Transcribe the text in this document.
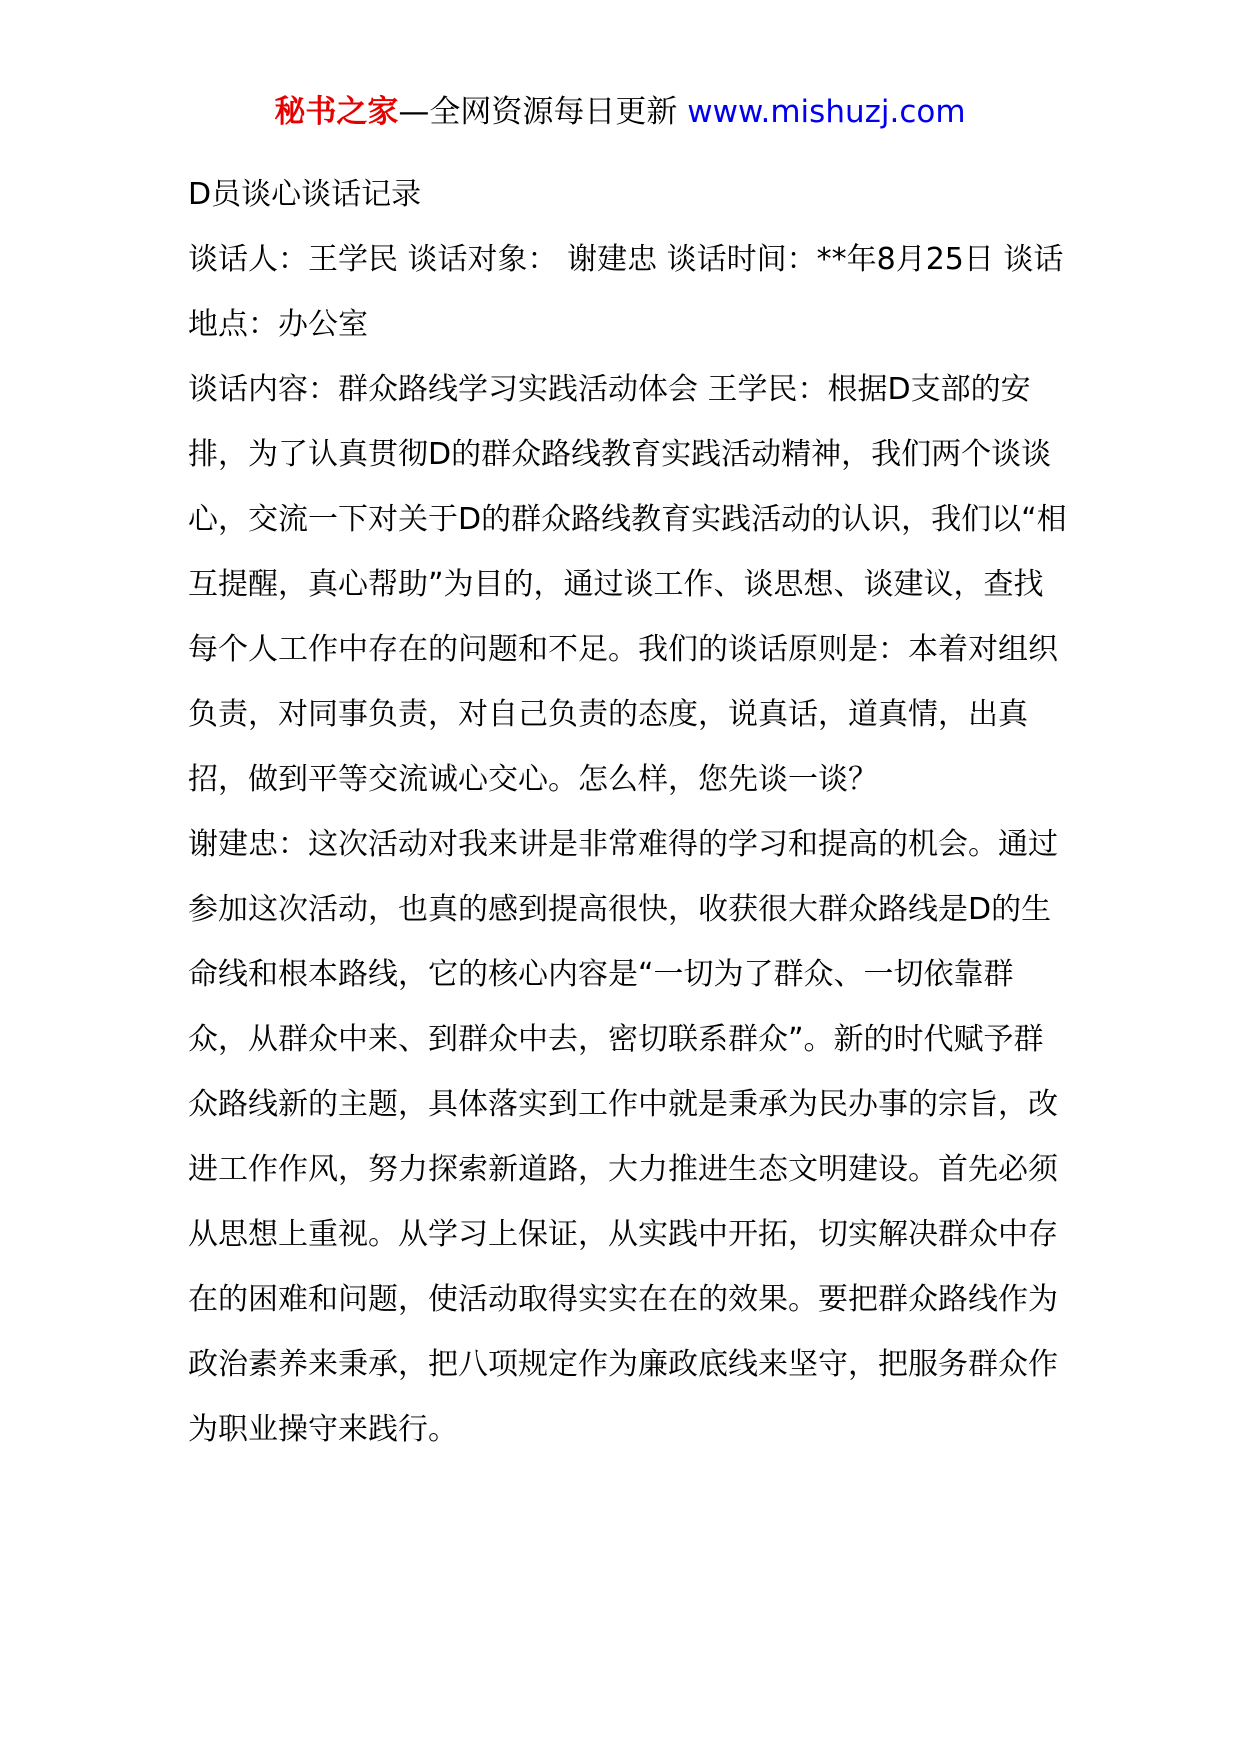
秘书之家—全网资源每日更新 www.mishuzj.com

D员谈心谈话记录

谈话人：王学民 谈话对象： 谢建忠 谈话时间：**年8月25日 谈话地点：办公室

谈话内容：群众路线学习实践活动体会 王学民：根据D支部的安排，为了认真贯彻D的群众路线教育实践活动精神，我们两个谈谈心，交流一下对关于D的群众路线教育实践活动的认识，我们以“相互提醒，真心帮助”为目的，通过谈工作、谈思想、谈建议，查找每个人工作中存在的问题和不足。我们的谈话原则是：本着对组织负责，对同事负责，对自己负责的态度，说真话，道真情，出真招，做到平等交流诚心交心。怎么样，您先谈一谈？

谢建忠：这次活动对我来讲是非常难得的学习和提高的机会。通过参加这次活动，也真的感到提高很快，收获很大群众路线是D的生命线和根本路线，它的核心内容是“一切为了群众、一切依靠群众，从群众中来、到群众中去，密切联系群众”。新的时代赋予群众路线新的主题，具体落实到工作中就是秉承为民办事的宗旨，改进工作作风，努力探索新道路，大力推进生态文明建设。首先必须从思想上重视。从学习上保证，从实践中开拓，切实解决群众中存在的困难和问题，使活动取得实实在在的效果。要把群众路线作为政治素养来秉承，把八项规定作为廉政底线来坚守，把服务群众作为职业操守来践行。
